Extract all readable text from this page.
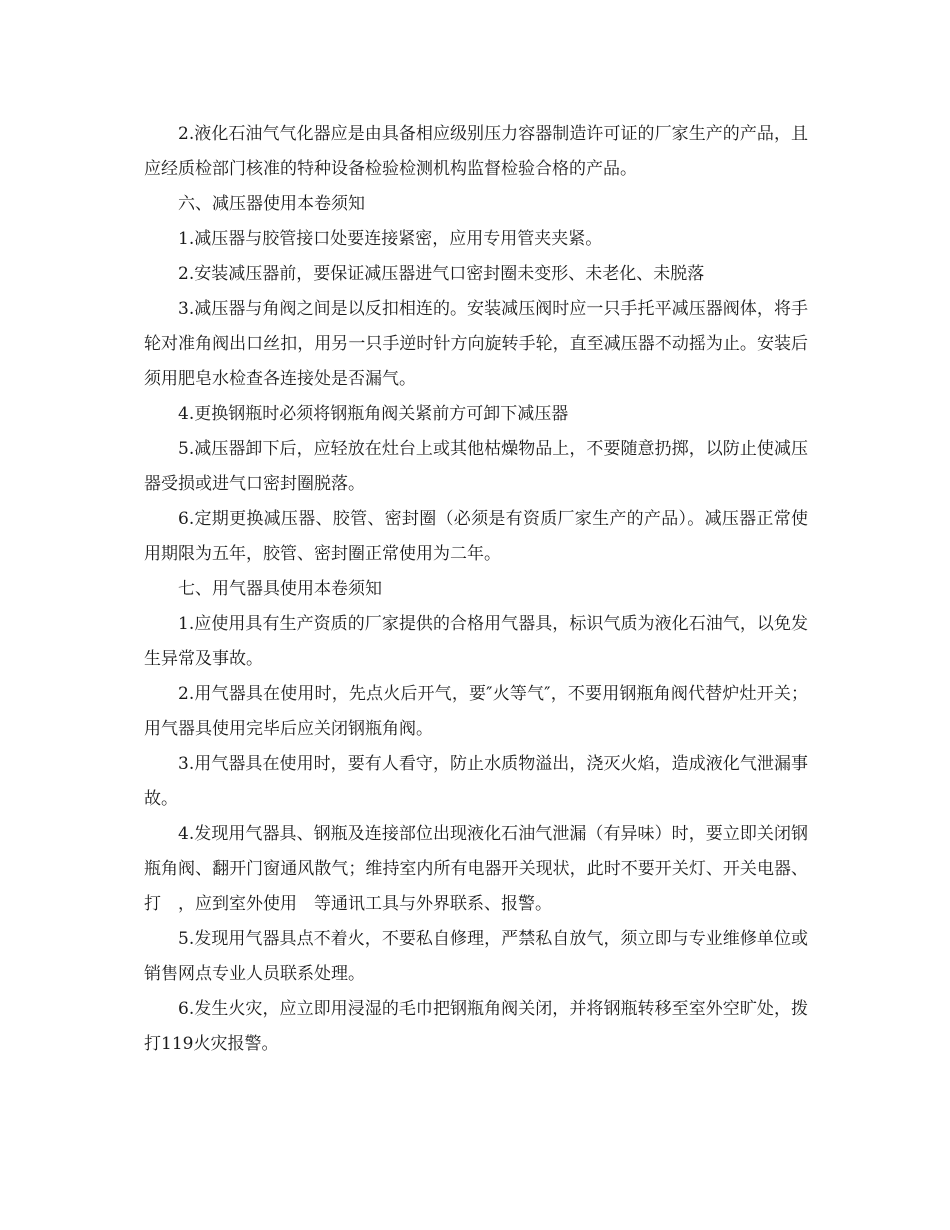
2.液化石油气气化器应是由具备相应级别压力容器制造许可证的厂家生产的产品，且应经质检部门核准的特种设备检验检测机构监督检验合格的产品。

六、减压器使用本卷须知

1.减压器与胶管接口处要连接紧密，应用专用管夹夹紧。

2.安装减压器前，要保证减压器进气口密封圈未变形、未老化、未脱落

3.减压器与角阀之间是以反扣相连的。安装减压阀时应一只手托平减压器阀体，将手轮对准角阀出口丝扣，用另一只手逆时针方向旋转手轮，直至减压器不动摇为止。安装后须用肥皂水检查各连接处是否漏气。

4.更换钢瓶时必须将钢瓶角阀关紧前方可卸下减压器

5.减压器卸下后，应轻放在灶台上或其他枯燥物品上，不要随意扔掷，以防止使减压器受损或进气口密封圈脱落。

6.定期更换减压器、胶管、密封圈（必须是有资质厂家生产的产品）。减压器正常使用期限为五年，胶管、密封圈正常使用为二年。

七、用气器具使用本卷须知

1.应使用具有生产资质的厂家提供的合格用气器具，标识气质为液化石油气，以免发生异常及事故。

2.用气器具在使用时，先点火后开气，要″火等气″，不要用钢瓶角阀代替炉灶开关；用气器具使用完毕后应关闭钢瓶角阀。

3.用气器具在使用时，要有人看守，防止水质物溢出，浇灭火焰，造成液化气泄漏事故。

4.发现用气器具、钢瓶及连接部位出现液化石油气泄漏（有异味）时，要立即关闭钢瓶角阀、翻开门窗通风散气；维持室内所有电器开关现状，此时不要开关灯、开关电器、打　，应到室外使用　等通讯工具与外界联系、报警。

5.发现用气器具点不着火，不要私自修理，严禁私自放气，须立即与专业维修单位或销售网点专业人员联系处理。

6.发生火灾，应立即用浸湿的毛巾把钢瓶角阀关闭，并将钢瓶转移至室外空旷处，拨打119火灾报警。
